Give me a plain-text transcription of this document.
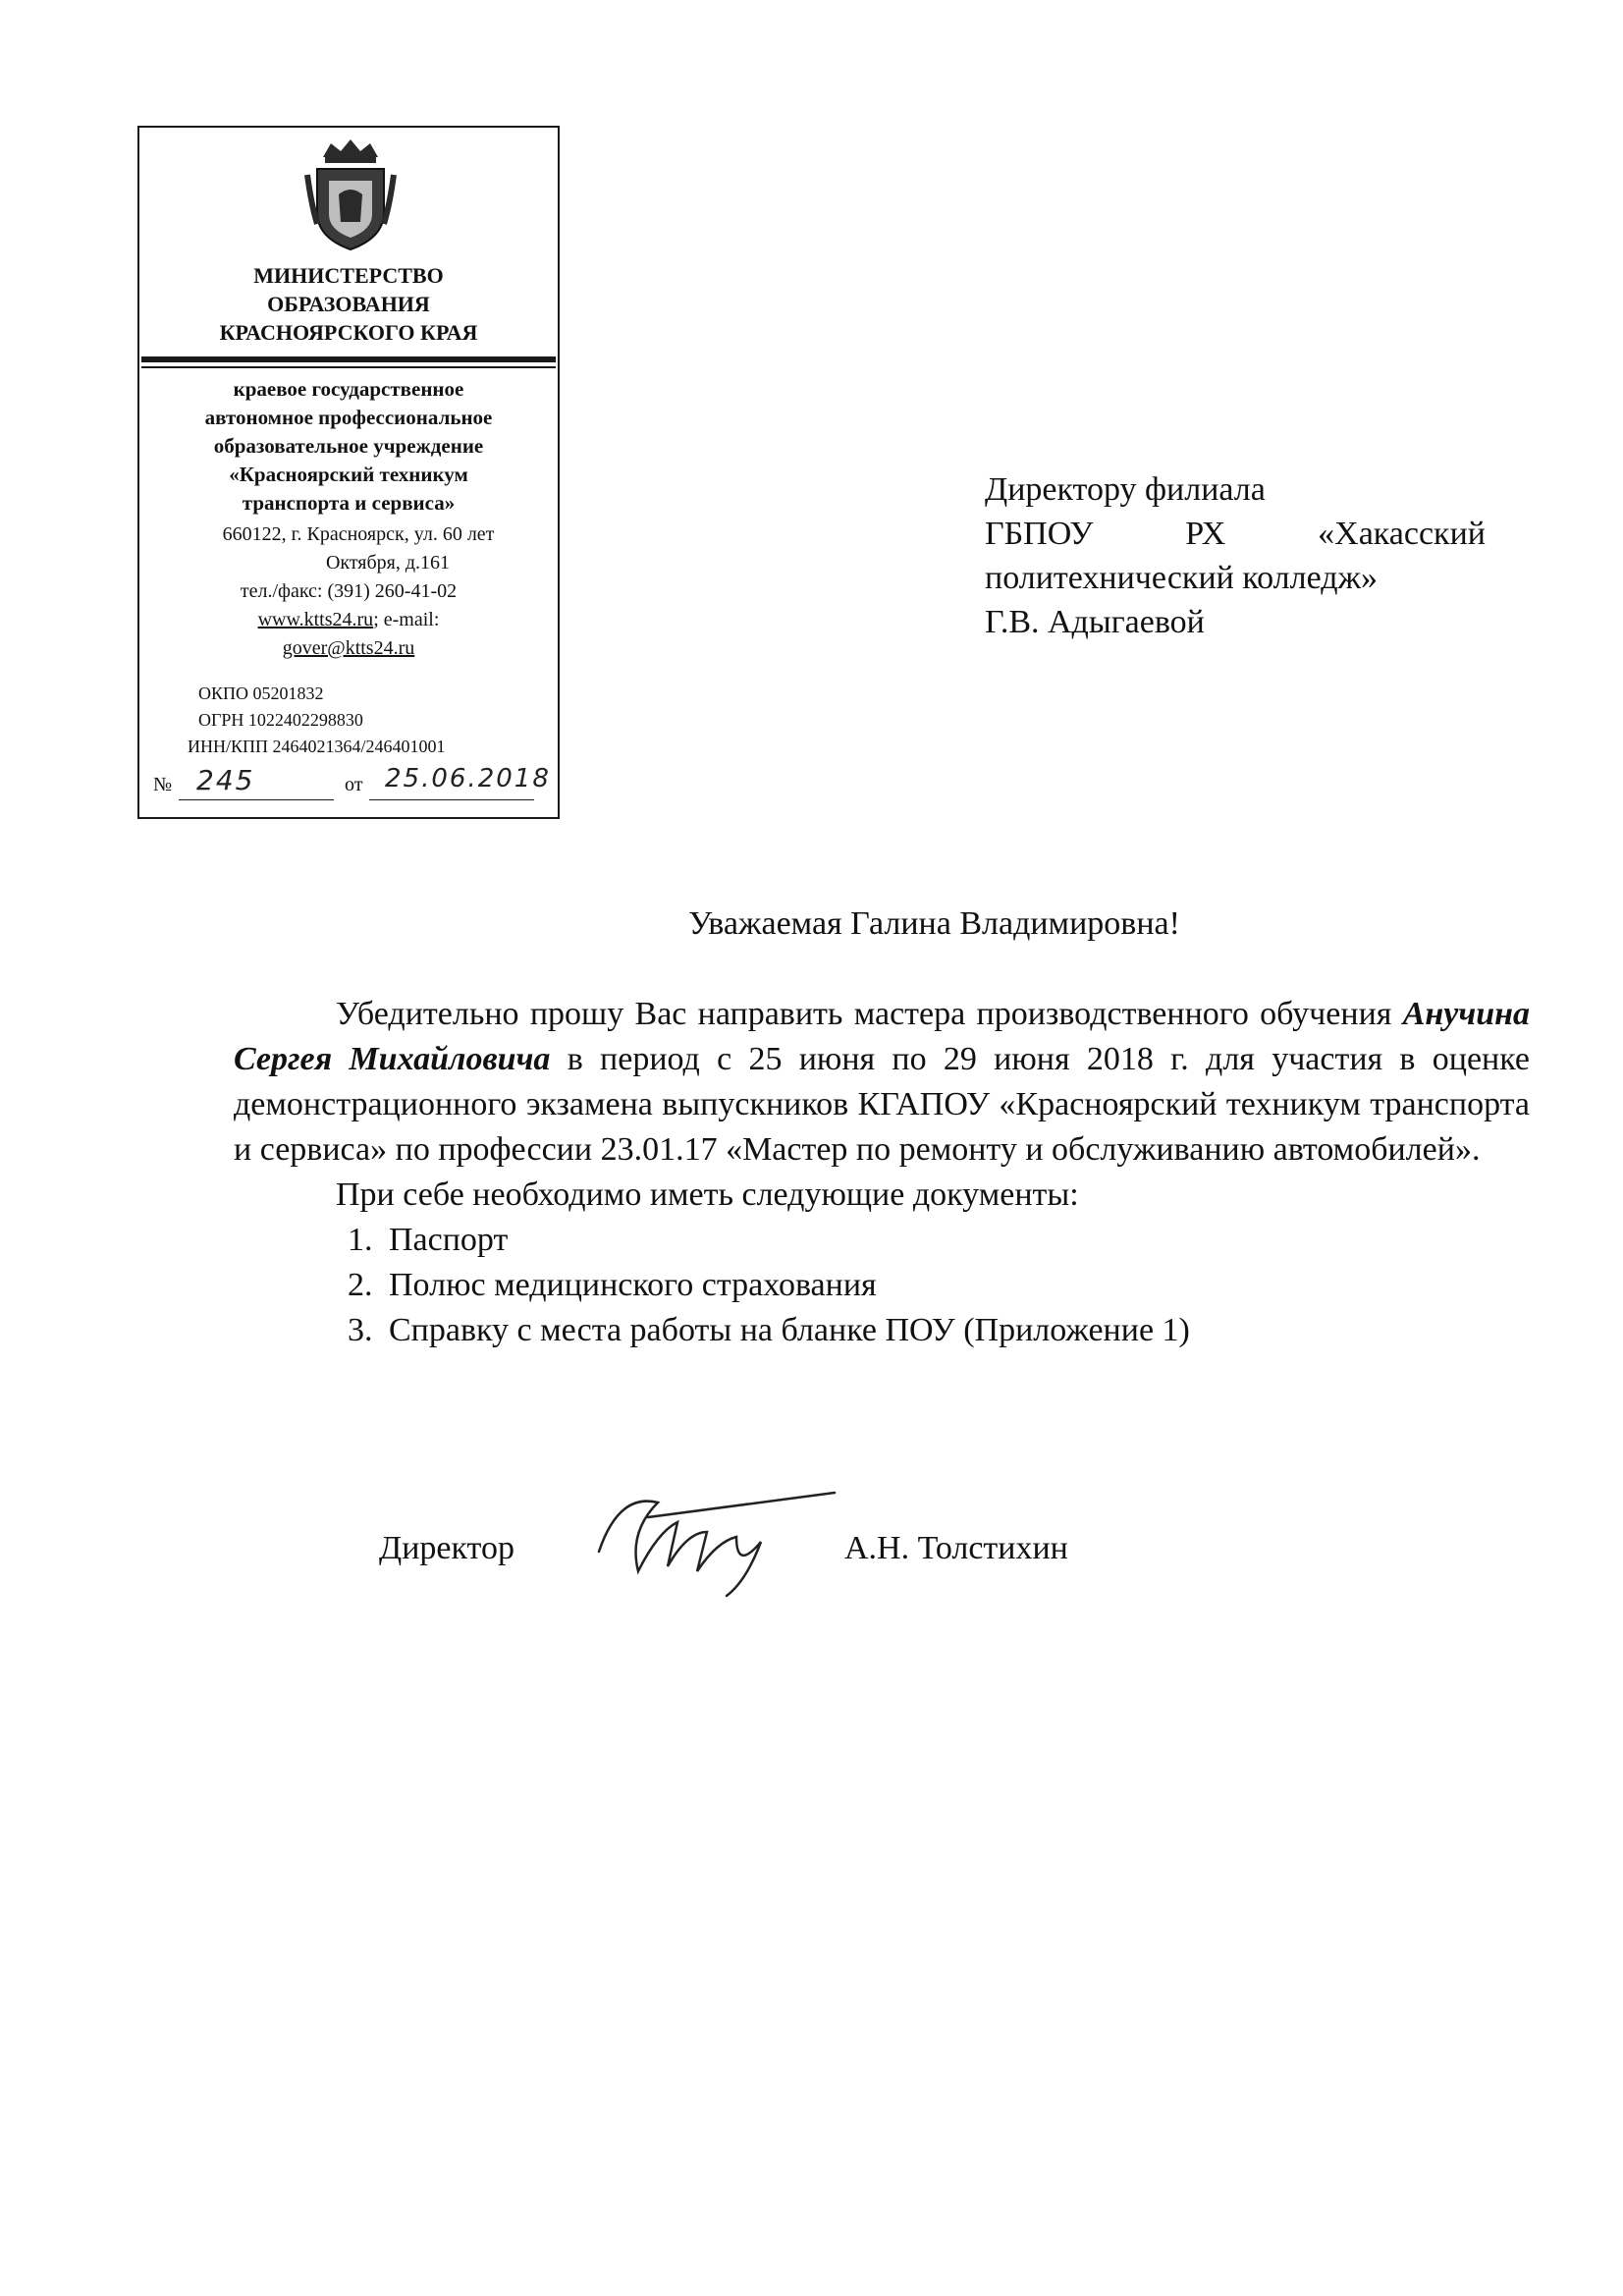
МИНИСТЕРСТВО
ОБРАЗОВАНИЯ
КРАСНОЯРСКОГО КРАЯ
краевое государственное
автономное профессиональное
образовательное учреждение
«Красноярский техникум
транспорта и сервиса»
660122, г. Красноярск, ул. 60 лет
Октября, д.161
тел./факс: (391) 260-41-02
www.ktts24.ru; e-mail:
gover@ktts24.ru
ОКПО 05201832
ОГРН 1022402298830
ИНН/КПП 2464021364/246401001
№ 245	от 25.06.2018
Директору филиала
ГБПОУ	РХ	«Хакасский
политехнический колледж»
Г.В. Адыгаевой
Уважаемая Галина Владимировна!
Убедительно прошу Вас направить мастера производственного обучения Анучина Сергея Михайловича в период с 25 июня по 29 июня 2018 г. для участия в оценке демонстрационного экзамена выпускников КГАПОУ «Красноярский техникум транспорта и сервиса» по профессии 23.01.17 «Мастер по ремонту и обслуживанию автомобилей».
При себе необходимо иметь следующие документы:
1. Паспорт
2. Полюс медицинского страхования
3. Справку с места работы на бланке ПОУ (Приложение 1)
Директор	А.Н. Толстихин
